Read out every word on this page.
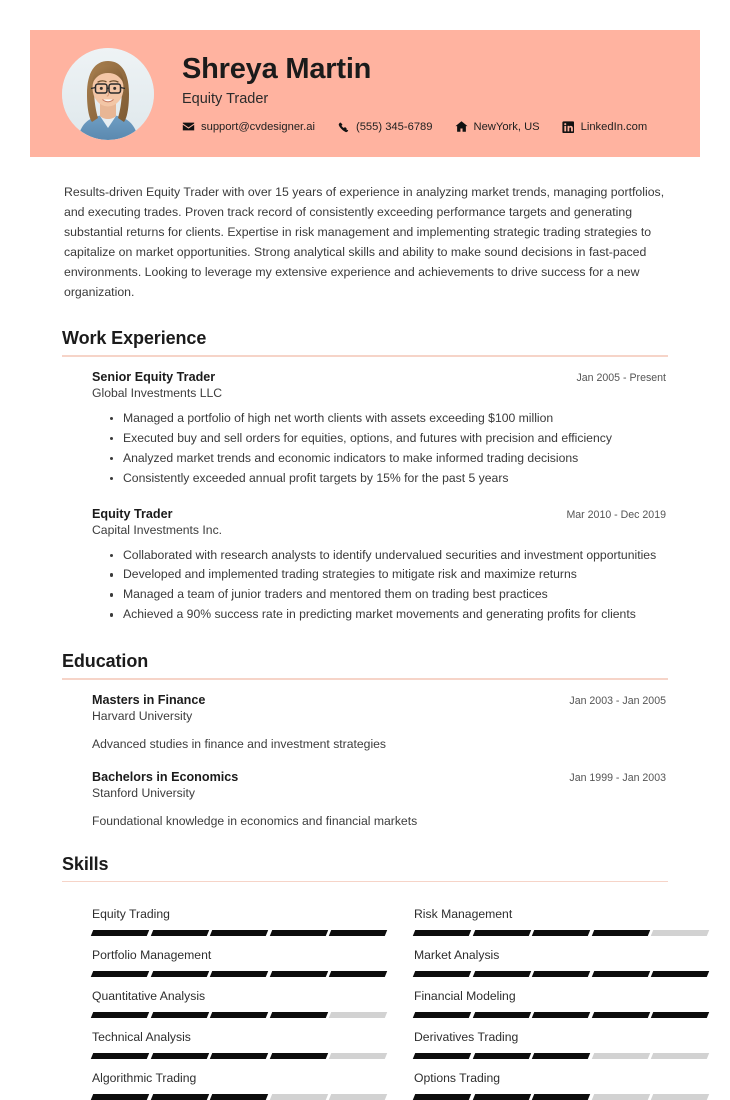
Shreya Martin
Equity Trader
support@cvdesigner.ai	(555) 345-6789	NewYork, US	LinkedIn.com

Results-driven Equity Trader with over 15 years of experience in analyzing market trends, managing portfolios, and executing trades. Proven track record of consistently exceeding performance targets and generating substantial returns for clients. Expertise in risk management and implementing strategic trading strategies to capitalize on market opportunities. Strong analytical skills and ability to make sound decisions in fast-paced environments. Looking to leverage my extensive experience and achievements to drive success for a new organization.

Work Experience
Senior Equity Trader	Jan 2005 - Present
Global Investments LLC
Managed a portfolio of high net worth clients with assets exceeding $100 million
Executed buy and sell orders for equities, options, and futures with precision and efficiency
Analyzed market trends and economic indicators to make informed trading decisions
Consistently exceeded annual profit targets by 15% for the past 5 years
Equity Trader	Mar 2010 - Dec 2019
Capital Investments Inc.
Collaborated with research analysts to identify undervalued securities and investment opportunities
Developed and implemented trading strategies to mitigate risk and maximize returns
Managed a team of junior traders and mentored them on trading best practices
Achieved a 90% success rate in predicting market movements and generating profits for clients
Education
Masters in Finance	Jan 2003 - Jan 2005
Harvard University
Advanced studies in finance and investment strategies
Bachelors in Economics	Jan 1999 - Jan 2003
Stanford University
Foundational knowledge in economics and financial markets
Skills
Equity Trading	Risk Management
Portfolio Management	Market Analysis
Quantitative Analysis	Financial Modeling
Technical Analysis	Derivatives Trading
Algorithmic Trading	Options Trading
